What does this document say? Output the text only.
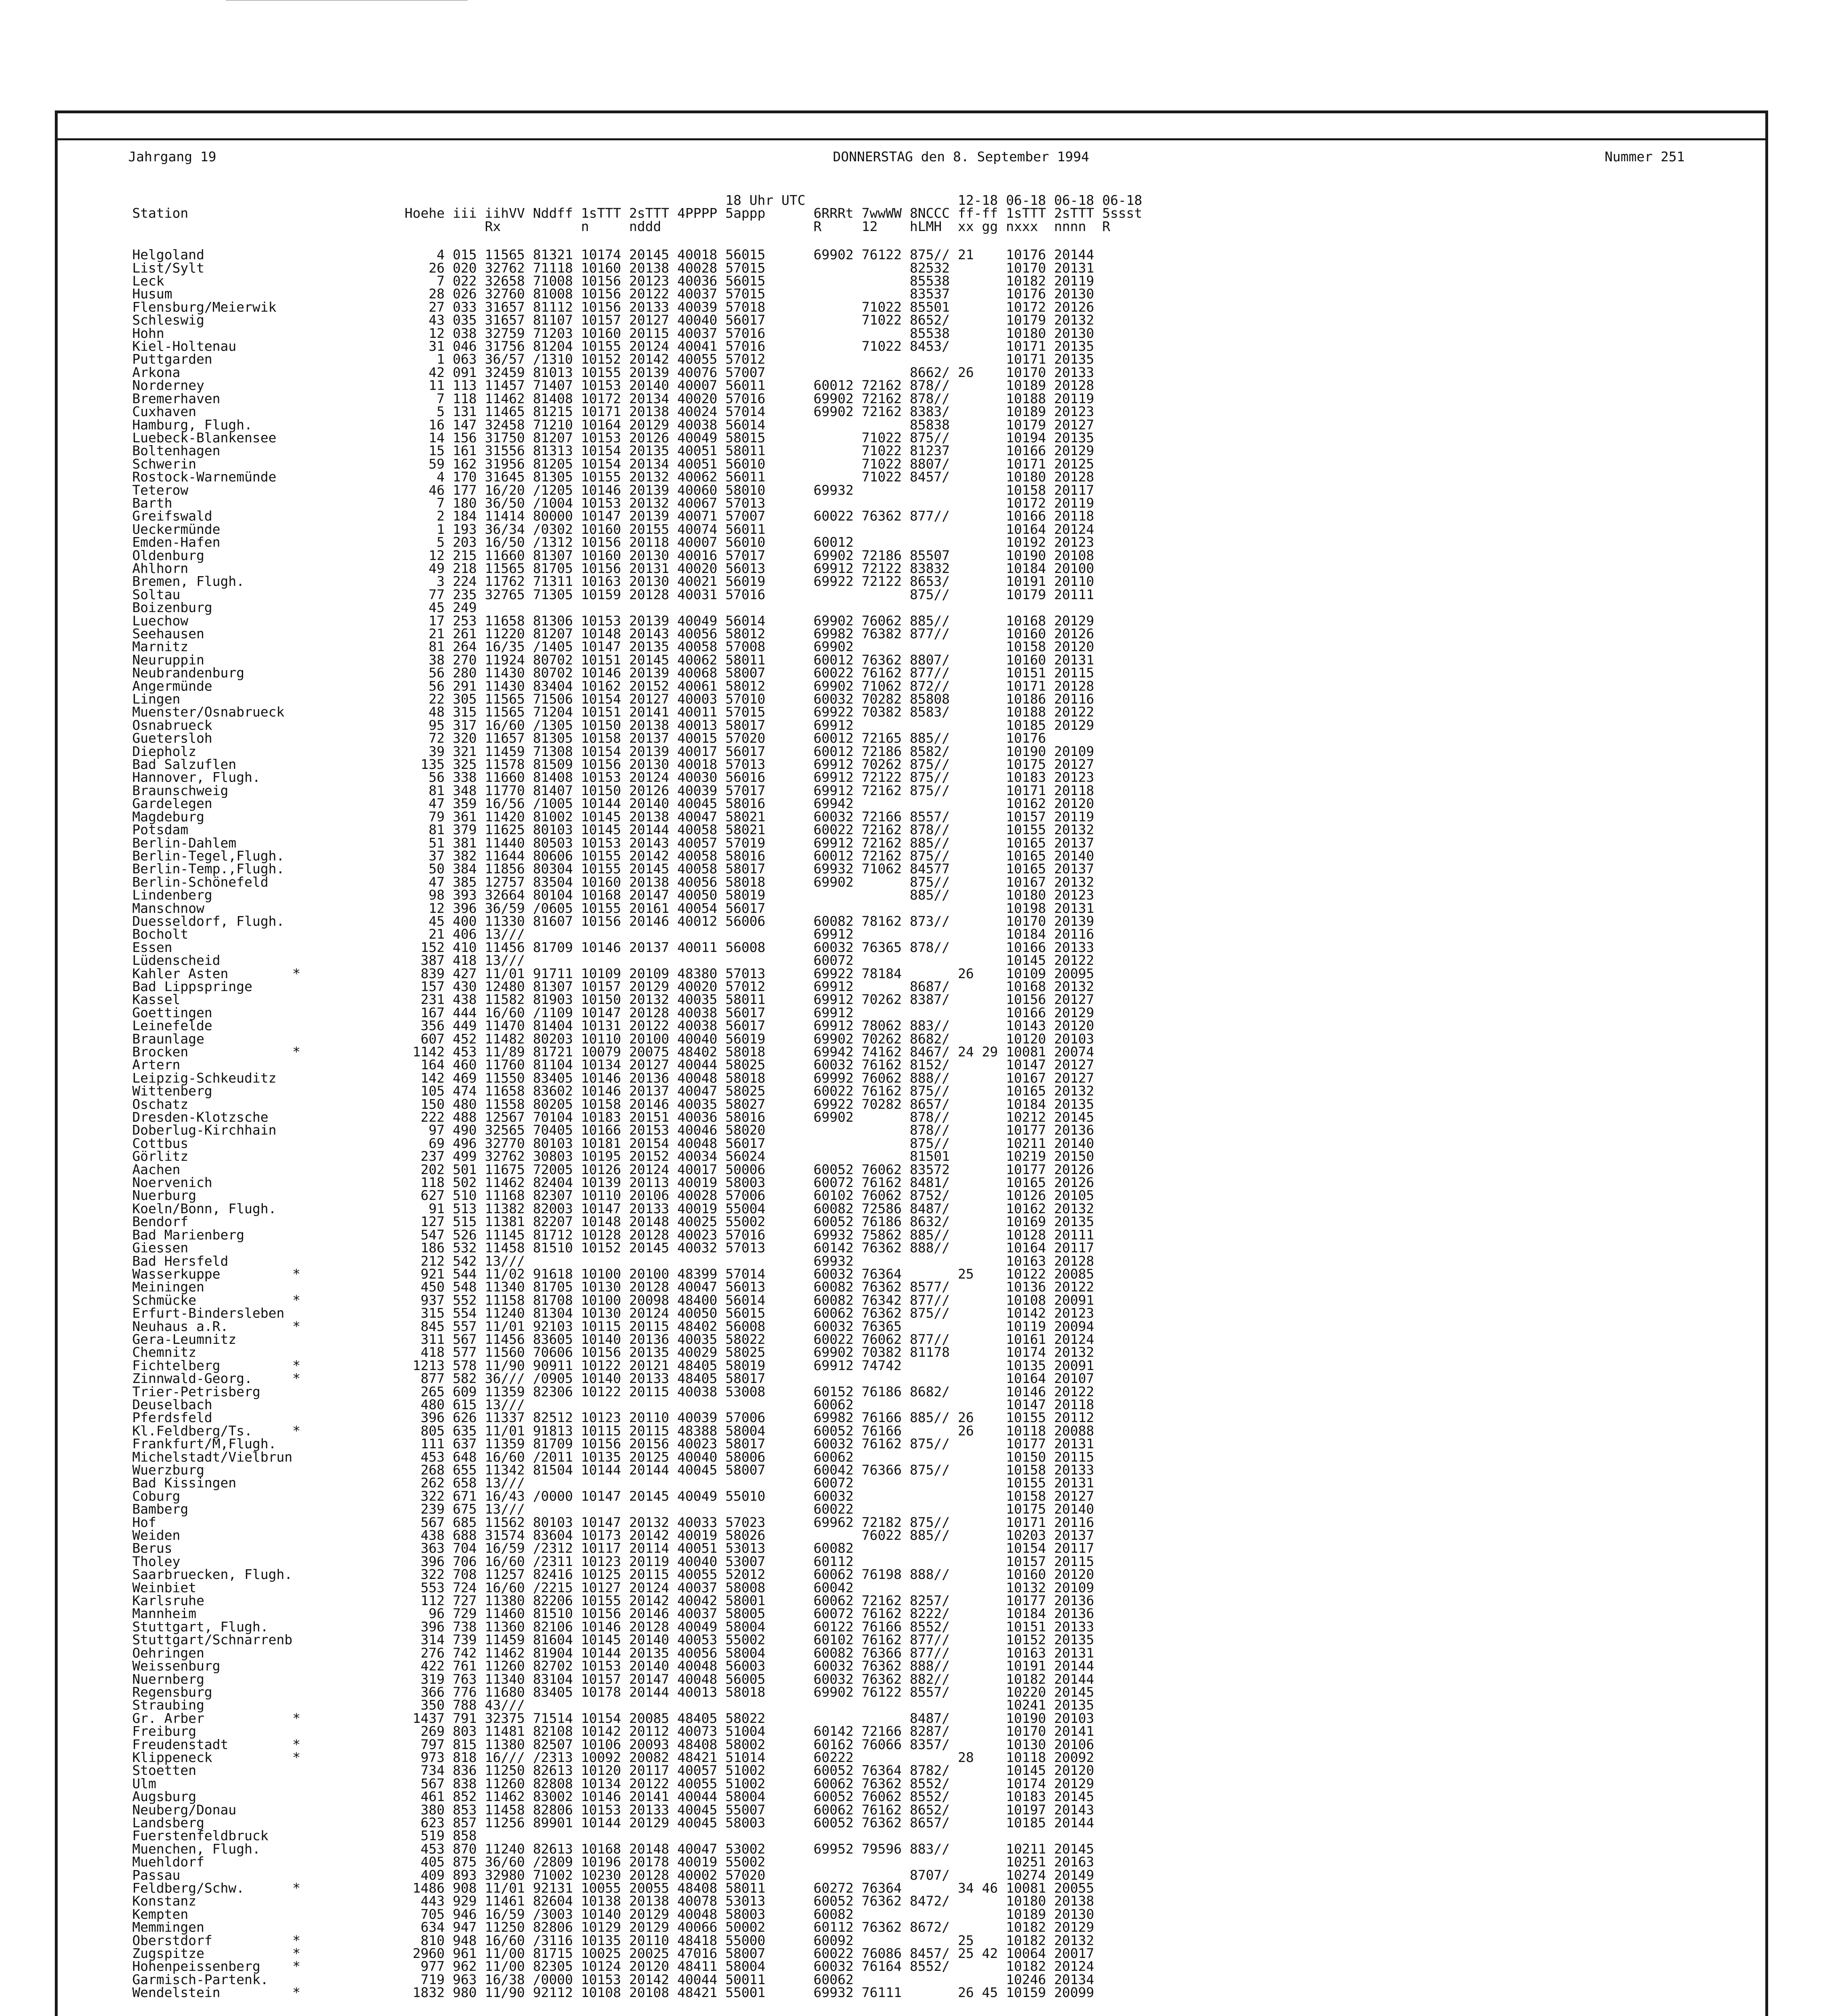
Jahrgang 19	DONNERSTAG den 8. September 1994	Nummer 251
								18 Uhr UTC				12-18	06-18	06-18	06-18
Station	Hoehe	iii	iihVV	Nddff	1sTTT	2sTTT	4PPPP	5appp	6RRRt	7wwWW	8NCCC	ff-ff	1sTTT	2sTTT	5ssst
			Rx		n	nddd			R	12	hLMH	xx gg	nxxx	nnnn	R
Helgoland	4	015	11565	81321	10174	20145	40018	56015	69902	76122	875//	21	10176	20144	
List/Sylt	26	020	32762	71118	10160	20138	40028	57015			82532		10170	20131	
Leck	7	022	32658	71008	10156	20123	40036	56015			85538		10182	20119	
Husum	28	026	32760	81008	10156	20122	40037	57015			83537		10176	20130	
Flensburg/Meierwik	27	033	31657	81112	10156	20133	40039	57018		71022	85501		10172	20126	
Schleswig	43	035	31657	81107	10157	20127	40040	56017		71022	8652/		10179	20132	
Hohn	12	038	32759	71203	10160	20115	40037	57016			85538		10180	20130	
Kiel-Holtenau	31	046	31756	81204	10155	20124	40041	57016		71022	8453/		10171	20135	
Puttgarden	1	063	36/57	/1310	10152	20142	40055	57012					10171	20135	
Arkona	42	091	32459	81013	10155	20139	40076	57007			8662/	26	10170	20133	
Norderney	11	113	11457	71407	10153	20140	40007	56011	60012	72162	878//		10189	20128	
Bremerhaven	7	118	11462	81408	10172	20134	40020	57016	69902	72162	878//		10188	20119	
Cuxhaven	5	131	11465	81215	10171	20138	40024	57014	69902	72162	8383/		10189	20123	
Hamburg, Flugh.	16	147	32458	71210	10164	20129	40038	56014			85838		10179	20127	
Luebeck-Blankensee	14	156	31750	81207	10153	20126	40049	58015		71022	875//		10194	20135	
Boltenhagen	15	161	31556	81313	10154	20135	40051	58011		71022	81237		10166	20129	
Schwerin	59	162	31956	81205	10154	20134	40051	56010		71022	8807/		10171	20125	
Rostock-Warnemünde	4	170	31645	81305	10155	20132	40062	56011		71022	8457/		10180	20128	
Teterow	46	177	16/20	/1205	10146	20139	40060	58010	69932				10158	20117	
Barth	7	180	36/50	/1004	10153	20132	40067	57013					10172	20119	
Greifswald	2	184	11414	80000	10147	20139	40071	57007	60022	76362	877//		10166	20118	
Ueckermünde	1	193	36/34	/0302	10160	20155	40074	56011					10164	20124	
Emden-Hafen	5	203	16/50	/1312	10156	20118	40007	56010	60012				10192	20123	
Oldenburg	12	215	11660	81307	10160	20130	40016	57017	69902	72186	85507		10190	20108	
Ahlhorn	49	218	11565	81705	10156	20131	40020	56013	69912	72122	83832		10184	20100	
Bremen, Flugh.	3	224	11762	71311	10163	20130	40021	56019	69922	72122	8653/		10191	20110	
Soltau	77	235	32765	71305	10159	20128	40031	57016			875//		10179	20111	
Boizenburg	45	249													
Luechow	17	253	11658	81306	10153	20139	40049	56014	69902	76062	885//		10168	20129	
Seehausen	21	261	11220	81207	10148	20143	40056	58012	69982	76382	877//		10160	20126	
Marnitz	81	264	16/35	/1405	10147	20135	40058	57008	69902				10158	20120	
Neuruppin	38	270	11924	80702	10151	20145	40062	58011	60012	76362	8807/		10160	20131	
Neubrandenburg	56	280	11430	80702	10146	20139	40068	58007	60022	76162	877//		10151	20115	
Angermünde	56	291	11430	83404	10162	20152	40061	58012	69902	71062	872//		10171	20128	
Lingen	22	305	11565	71506	10154	20127	40003	57010	60032	70282	85808		10186	20116	
Muenster/Osnabrueck	48	315	11565	71204	10151	20141	40011	57015	69922	70382	8583/		10188	20122	
Osnabrueck	95	317	16/60	/1305	10150	20138	40013	58017	69912				10185	20129	
Guetersloh	72	320	11657	81305	10158	20137	40015	57020	60012	72165	885//		10176		
Diepholz	39	321	11459	71308	10154	20139	40017	56017	60012	72186	8582/		10190	20109	
Bad Salzuflen	135	325	11578	81509	10156	20130	40018	57013	69912	70262	875//		10175	20127	
Hannover, Flugh.	56	338	11660	81408	10153	20124	40030	56016	69912	72122	875//		10183	20123	
Braunschweig	81	348	11770	81407	10150	20126	40039	57017	69912	72162	875//		10171	20118	
Gardelegen	47	359	16/56	/1005	10144	20140	40045	58016	69942				10162	20120	
Magdeburg	79	361	11420	81002	10145	20138	40047	58021	60032	72166	8557/		10157	20119	
Potsdam	81	379	11625	80103	10145	20144	40058	58021	60022	72162	878//		10155	20132	
Berlin-Dahlem	51	381	11440	80503	10153	20143	40057	57019	69912	72162	885//		10165	20137	
Berlin-Tegel,Flugh.	37	382	11644	80606	10155	20142	40058	58016	60012	72162	875//		10165	20140	
Berlin-Temp.,Flugh.	50	384	11856	80304	10155	20145	40058	58017	69932	71062	84577		10165	20137	
Berlin-Schönefeld	47	385	12757	83504	10160	20138	40056	58018	69902		875//		10167	20132	
Lindenberg	98	393	32664	80104	10168	20147	40050	58019			885//		10180	20123	
Manschnow	12	396	36/59	/0605	10155	20161	40054	56017					10198	20131	
Duesseldorf, Flugh.	45	400	11330	81607	10156	20146	40012	56006	60082	78162	873//		10170	20139	
Bocholt	21	406	13///						69912				10184	20116	
Essen	152	410	11456	81709	10146	20137	40011	56008	60032	76365	878//		10166	20133	
Lüdenscheid	387	418	13///						60072				10145	20122	
Kahler Asten        *	839	427	11/01	91711	10109	20109	48380	57013	69922	78184		26	10109	20095	
Bad Lippspringe	157	430	12480	81307	10157	20129	40020	57012	69912		8687/		10168	20132	
Kassel	231	438	11582	81903	10150	20132	40035	58011	69912	70262	8387/		10156	20127	
Goettingen	167	444	16/60	/1109	10147	20128	40038	56017	69912				10166	20129	
Leinefelde	356	449	11470	81404	10131	20122	40038	56017	69912	78062	883//		10143	20120	
Braunlage	607	452	11482	80203	10110	20100	40040	56019	69902	70262	8682/		10120	20103	
Brocken             *	1142	453	11/89	81721	10079	20075	48402	58018	69942	74162	8467/	24 29	10081	20074	
Artern	164	460	11760	81104	10134	20127	40044	58025	60032	76162	8152/		10147	20127	
Leipzig-Schkeuditz	142	469	11550	83405	10146	20136	40048	58018	69992	76062	888//		10167	20127	
Wittenberg	105	474	11658	83602	10146	20137	40047	58025	60022	76162	875//		10165	20132	
Oschatz	150	480	11558	80205	10158	20146	40035	58027	69922	70282	8657/		10184	20135	
Dresden-Klotzsche	222	488	12567	70104	10183	20151	40036	58016	69902		878//		10212	20145	
Doberlug-Kirchhain	97	490	32565	70405	10166	20153	40046	58020			878//		10177	20136	
Cottbus	69	496	32770	80103	10181	20154	40048	56017			875//		10211	20140	
Görlitz	237	499	32762	30803	10195	20152	40034	56024			81501		10219	20150	
Aachen	202	501	11675	72005	10126	20124	40017	50006	60052	76062	83572		10177	20126	
Noervenich	118	502	11462	82404	10139	20113	40019	58003	60072	76162	8481/		10165	20126	
Nuerburg	627	510	11168	82307	10110	20106	40028	57006	60102	76062	8752/		10126	20105	
Koeln/Bonn, Flugh.	91	513	11382	82003	10147	20133	40019	55004	60082	72586	8487/		10162	20132	
Bendorf	127	515	11381	82207	10148	20148	40025	55002	60052	76186	8632/		10169	20135	
Bad Marienberg	547	526	11145	81712	10128	20128	40023	57016	69932	75862	885//		10128	20111	
Giessen	186	532	11458	81510	10152	20145	40032	57013	60142	76362	888//		10164	20117	
Bad Hersfeld	212	542	13///						69932				10163	20128	
Wasserkuppe         *	921	544	11/02	91618	10100	20100	48399	57014	60032	76364		25	10122	20085	
Meiningen	450	548	11340	81705	10130	20128	40047	56013	60082	76362	8577/		10136	20122	
Schmücke            *	937	552	11158	81708	10100	20098	48400	56014	60082	76342	877//		10108	20091	
Erfurt-Bindersleben	315	554	11240	81304	10130	20124	40050	56015	60062	76362	875//		10142	20123	
Neuhaus a.R.        *	845	557	11/01	92103	10115	20115	48402	56008	60032	76365			10119	20094	
Gera-Leumnitz	311	567	11456	83605	10140	20136	40035	58022	60022	76062	877//		10161	20124	
Chemnitz	418	577	11560	70606	10156	20135	40029	58025	69902	70382	81178		10174	20132	
Fichtelberg         *	1213	578	11/90	90911	10122	20121	48405	58019	69912	74742			10135	20091	
Zinnwald-Georg.     *	877	582	36///	/0905	10140	20133	48405	58017					10164	20107	
Trier-Petrisberg	265	609	11359	82306	10122	20115	40038	53008	60152	76186	8682/		10146	20122	
Deuselbach	480	615	13///						60062				10147	20118	
Pferdsfeld	396	626	11337	82512	10123	20110	40039	57006	69982	76166	885//	26	10155	20112	
Kl.Feldberg/Ts.     *	805	635	11/01	91813	10115	20115	48388	58004	60052	76166		26	10118	20088	
Frankfurt/M,Flugh.	111	637	11359	81709	10156	20156	40023	58017	60032	76162	875//		10177	20131	
Michelstadt/Vielbrun	453	648	16/60	/2011	10135	20125	40040	58006	60062				10150	20115	
Wuerzburg	268	655	11342	81504	10144	20144	40045	58007	60042	76366	875//		10158	20133	
Bad Kissingen	262	658	13///						60072				10155	20131	
Coburg	322	671	16/43	/0000	10147	20145	40049	55010	60032				10158	20127	
Bamberg	239	675	13///						60022				10175	20140	
Hof	567	685	11562	80103	10147	20132	40033	57023	69962	72182	875//		10171	20116	
Weiden	438	688	31574	83604	10173	20142	40019	58026		76022	885//		10203	20137	
Berus	363	704	16/59	/2312	10117	20114	40051	53013	60082				10154	20117	
Tholey	396	706	16/60	/2311	10123	20119	40040	53007	60112				10157	20115	
Saarbruecken, Flugh.	322	708	11257	82416	10125	20115	40055	52012	60062	76198	888//		10160	20120	
Weinbiet	553	724	16/60	/2215	10127	20124	40037	58008	60042				10132	20109	
Karlsruhe	112	727	11380	82206	10155	20142	40042	58001	60062	72162	8257/		10177	20136	
Mannheim	96	729	11460	81510	10156	20146	40037	58005	60072	76162	8222/		10184	20136	
Stuttgart, Flugh.	396	738	11360	82106	10146	20128	40049	58004	60122	76166	8552/		10151	20133	
Stuttgart/Schnarrenb	314	739	11459	81604	10145	20140	40053	55002	60102	76162	877//		10152	20135	
Oehringen	276	742	11462	81904	10144	20135	40056	58004	60082	76366	877//		10163	20131	
Weissenburg	422	761	11260	82702	10153	20140	40048	56003	60032	76362	888//		10191	20144	
Nuernberg	319	763	11340	83104	10157	20147	40048	56005	60032	76362	882//		10182	20144	
Regensburg	366	776	11680	83405	10178	20144	40013	58018	69902	76122	8557/		10220	20145	
Straubing	350	788	43///										10241	20135	
Gr. Arber           *	1437	791	32375	71514	10154	20085	48405	58022			8487/		10190	20103	
Freiburg	269	803	11481	82108	10142	20112	40073	51004	60142	72166	8287/		10170	20141	
Freudenstadt        *	797	815	11380	82507	10106	20093	48408	58002	60162	76066	8357/		10130	20106	
Klippeneck          *	973	818	16///	/2313	10092	20082	48421	51014	60222			28	10118	20092	
Stoetten	734	836	11250	82613	10120	20117	40057	51002	60052	76364	8782/		10145	20120	
Ulm	567	838	11260	82808	10134	20122	40055	51002	60062	76362	8552/		10174	20129	
Augsburg	461	852	11462	83002	10146	20141	40044	58004	60052	76062	8552/		10183	20145	
Neuberg/Donau	380	853	11458	82806	10153	20133	40045	55007	60062	76162	8652/		10197	20143	
Landsberg	623	857	11256	89901	10144	20129	40045	58003	60052	76362	8657/		10185	20144	
Fuerstenfeldbruck	519	858													
Muenchen, Flugh.	453	870	11240	82613	10168	20148	40047	53002	69952	79596	883//		10211	20145	
Muehldorf	405	875	36/60	/2809	10196	20178	40019	55002					10251	20163	
Passau	409	893	32980	71002	10230	20128	40002	57020			8707/		10274	20149	
Feldberg/Schw.      *	1486	908	11/01	92131	10055	20055	48408	58011	60272	76364		34 46	10081	20055	
Konstanz	443	929	11461	82604	10138	20138	40078	53013	60052	76362	8472/		10180	20138	
Kempten	705	946	16/59	/3003	10140	20129	40048	58003	60082				10189	20130	
Memmingen	634	947	11250	82806	10129	20129	40066	50002	60112	76362	8672/		10182	20129	
Oberstdorf          *	810	948	16/60	/3116	10135	20110	48418	55000	60092			25	10182	20132	
Zugspitze           *	2960	961	11/00	81715	10025	20025	47016	58007	60022	76086	8457/	25 42	10064	20017	
Hohenpeissenberg    *	977	962	11/00	82305	10124	20120	48411	58004	60032	76164	8552/		10182	20124	
Garmisch-Partenk.	719	963	16/38	/0000	10153	20142	40044	50011	60062				10246	20134	
Wendelstein         *	1832	980	11/90	92112	10108	20108	48421	55001	69932	76111		26 45	10159	20099	
